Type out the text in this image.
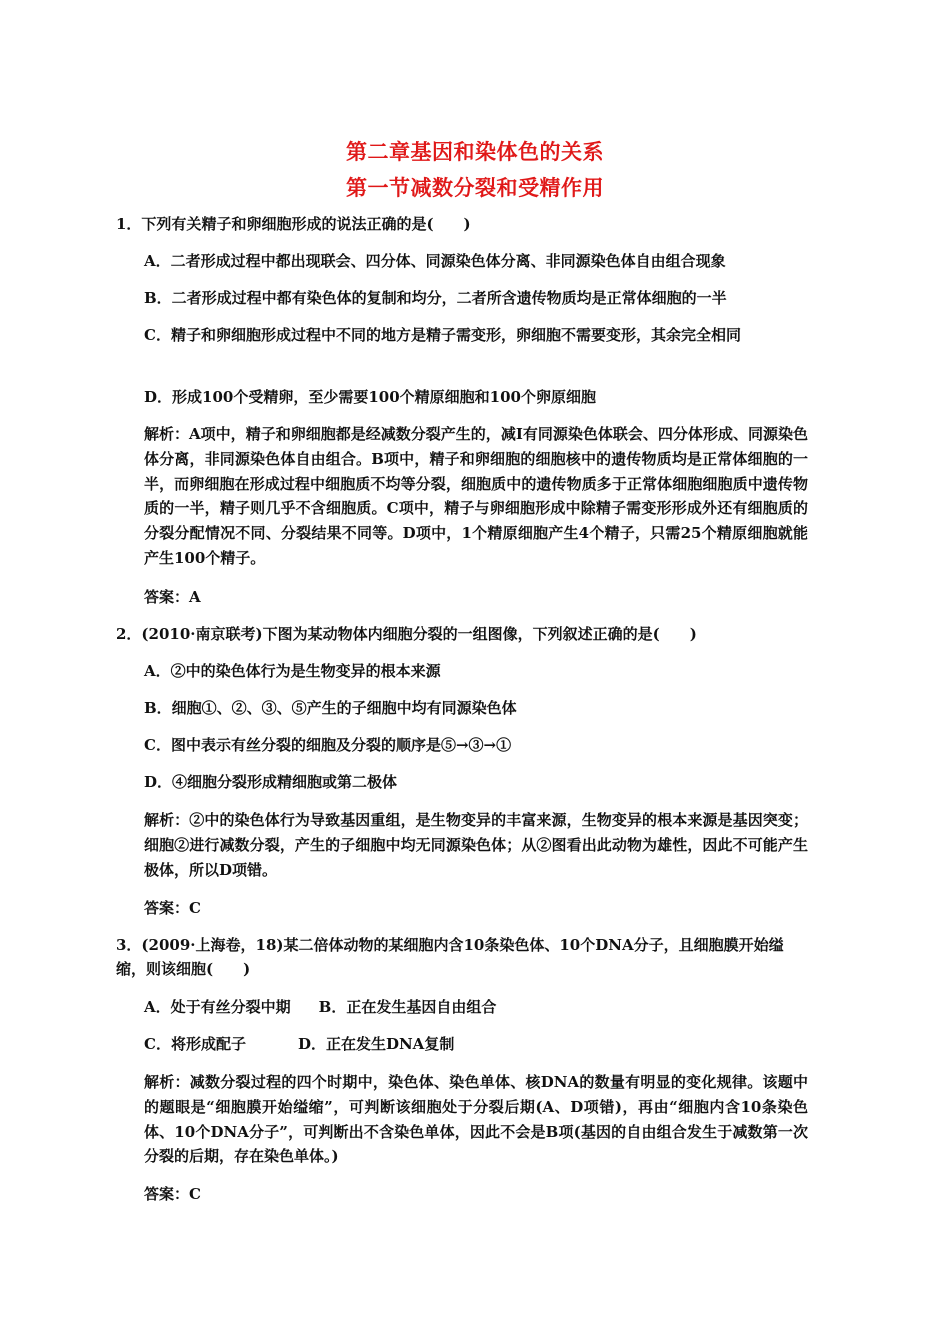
第二章基因和染体色的关系
第一节减数分裂和受精作用
1．下列有关精子和卵细胞形成的说法正确的是(　　)
A．二者形成过程中都出现联会、四分体、同源染色体分离、非同源染色体自由组合现象
B．二者形成过程中都有染色体的复制和均分，二者所含遗传物质均是正常体细胞的一半
C．精子和卵细胞形成过程中不同的地方是精子需变形，卵细胞不需要变形，其余完全相同
D．形成100个受精卵，至少需要100个精原细胞和100个卵原细胞
解析：A项中，精子和卵细胞都是经减数分裂产生的，减Ⅰ有同源染色体联会、四分体形成、同源染色体分离，非同源染色体自由组合。B项中，精子和卵细胞的细胞核中的遗传物质均是正常体细胞的一半，而卵细胞在形成过程中细胞质不均等分裂，细胞质中的遗传物质多于正常体细胞细胞质中遗传物质的一半，精子则几乎不含细胞质。C项中，精子与卵细胞形成中除精子需变形形成外还有细胞质的分裂分配情况不同、分裂结果不同等。D项中，1个精原细胞产生4个精子，只需25个精原细胞就能产生100个精子。
答案：A
2．(2010·南京联考)下图为某动物体内细胞分裂的一组图像，下列叙述正确的是(　　)
A．②中的染色体行为是生物变异的根本来源
B．细胞①、②、③、⑤产生的子细胞中均有同源染色体
C．图中表示有丝分裂的细胞及分裂的顺序是⑤→③→①
D．④细胞分裂形成精细胞或第二极体
解析：②中的染色体行为导致基因重组，是生物变异的丰富来源，生物变异的根本来源是基因突变；细胞②进行减数分裂，产生的子细胞中均无同源染色体；从②图看出此动物为雄性，因此不可能产生极体，所以D项错。
答案：C
3．(2009·上海卷，18)某二倍体动物的某细胞内含10条染色体、10个DNA分子，且细胞膜开始缢缩，则该细胞(　　)
A．处于有丝分裂中期 B．正在发生基因自由组合
C．将形成配子	D．正在发生DNA复制
解析：减数分裂过程的四个时期中，染色体、染色单体、核DNA的数量有明显的变化规律。该题中的题眼是“细胞膜开始缢缩”，可判断该细胞处于分裂后期(A、D项错)，再由“细胞内含10条染色体、10个DNA分子”，可判断出不含染色单体，因此不会是B项(基因的自由组合发生于减数第一次分裂的后期，存在染色单体。)
答案：C
